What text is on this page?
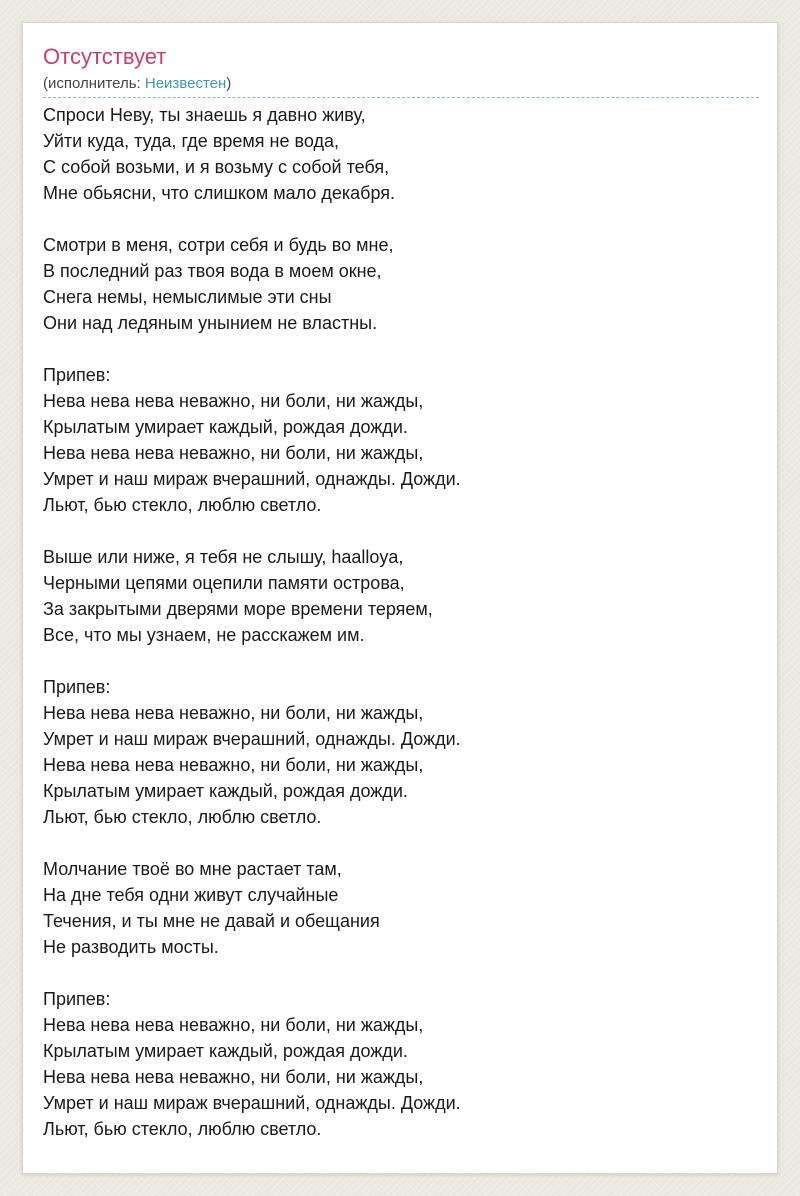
Отсутствует
(исполнитель: Неизвестен)
Спроси Неву, ты знаешь я давно живу,
Уйти куда, туда, где время не вода,
С собой возьми, и я возьму с собой тебя,
Мне обьясни, что слишком мало декабря.
Смотри в меня, сотри себя и будь во мне,
В последний раз твоя вода в моем окне,
Снега немы, немыслимые эти сны
Они над ледяным унынием не властны.
Припев:
Нева нева нева неважно, ни боли, ни жажды,
Крылатым умирает каждый, рождая дожди.
Нева нева нева неважно, ни боли, ни жажды,
Умрет и наш мираж вчерашний, однажды. Дожди.
Льют, бью стекло, люблю светло.
Выше или ниже, я тебя не слышу, haalloya,
Черными цепями оцепили памяти острова,
За закрытыми дверями море времени теряем,
Все, что мы узнаем, не расскажем им.
Припев:
Нева нева нева неважно, ни боли, ни жажды,
Умрет и наш мираж вчерашний, однажды. Дожди.
Нева нева нева неважно, ни боли, ни жажды,
Крылатым умирает каждый, рождая дожди.
Льют, бью стекло, люблю светло.
Молчание твоё во мне растает там,
На дне тебя одни живут случайные
Течения, и ты мне не давай и обещания
Не разводить мосты.
Припев:
Нева нева нева неважно, ни боли, ни жажды,
Крылатым умирает каждый, рождая дожди.
Нева нева нева неважно, ни боли, ни жажды,
Умрет и наш мираж вчерашний, однажды. Дожди.
Льют, бью стекло, люблю светло.
